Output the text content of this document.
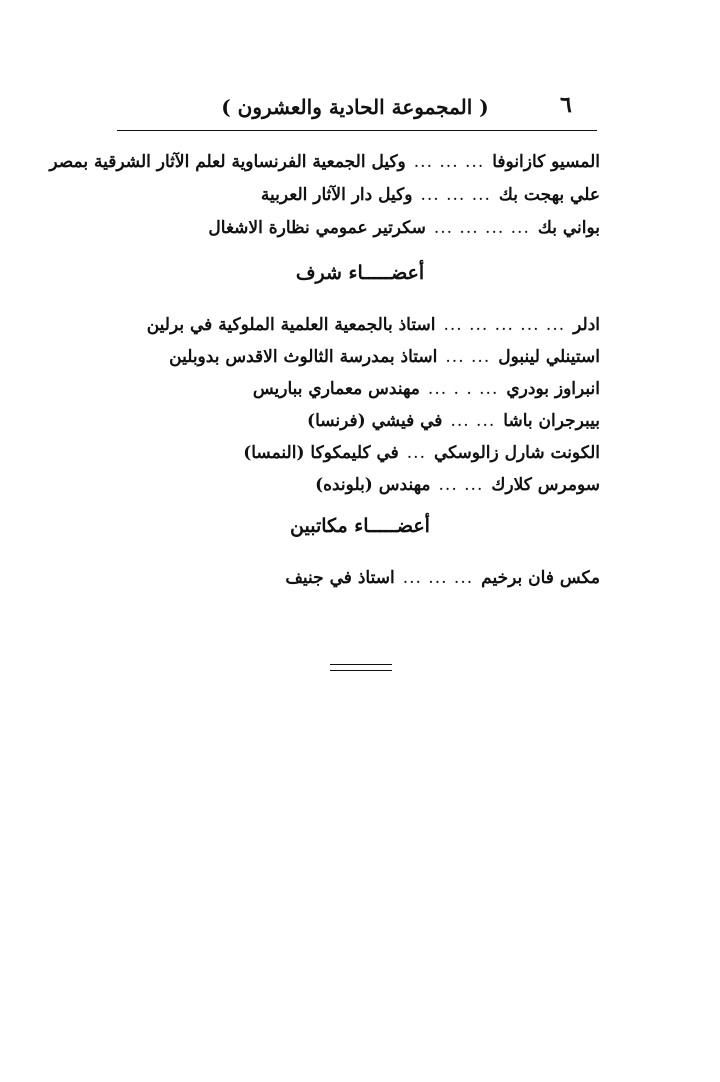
٦
( المجموعة الحادية والعشرون )
المسيو كازانوفا
... ... ...
وكيل الجمعية الفرنساوية لعلم الآثار الشرقية بمصر
علي بهجت بك
... ... ...
وكيل دار الآثار العربية
بواني بك
... ... ... ...
سكرتير عمومي نظارة الاشغال
أعضـــــاء شرف
ادلر
... ... ... ... ...
استاذ بالجمعية العلمية الملوكية في برلين
استينلي لينبول
... ...
استاذ بمدرسة الثالوث الاقدس بدوبلين
انبراوز بودري
... . . ...
مهندس معماري بباريس
بيبرجران باشا
... ...
في فيشي (فرنسا)
الكونت شارل زالوسكي
...
في كليمكوكا (النمسا)
سومرس كلارك
... ...
مهندس (بلونده)
أعضـــــاء مكاتبين
مكس فان برخيم
... ... ...
استاذ في جنيف
